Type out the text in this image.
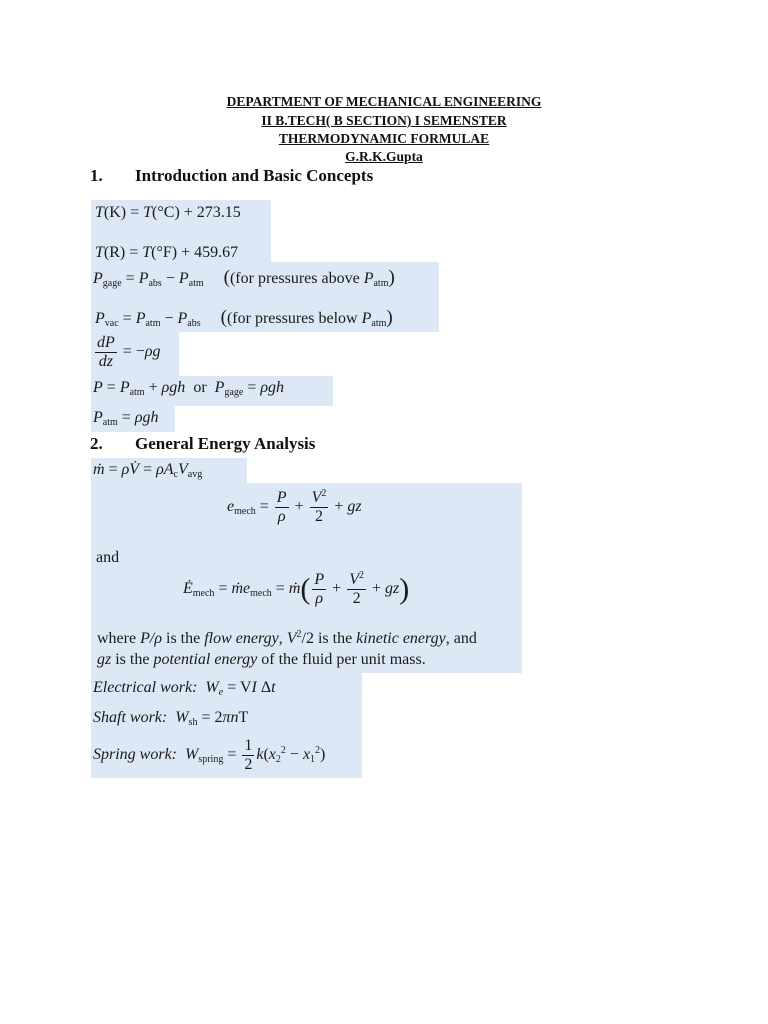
DEPARTMENT OF MECHANICAL ENGINEERING
II B.TECH( B SECTION) I SEMENSTER
THERMODYNAMIC FORMULAE
G.R.K.Gupta
1. Introduction and Basic Concepts
T(K) = T(°C) + 273.15
T(R) = T(°F) + 459.67
$P_{gage} = P_{abs} - P_{atm}$ ((for pressures above $P_{atm}$)
$P_{vac} = P_{atm} - P_{abs}$ ((for pressures below $P_{atm}$)
$\frac{dP}{dz} = -\rho g$
$P = P_{atm} + \rho gh$ or $P_{gage} = \rho gh$
$P_{atm} = \rho gh$
2. General Energy Analysis
ṁ = ρV̇ = $\rho A_cV_{avg}$
$e_{mech} = \frac{P}{\rho} + \frac{V^2}{2}$ + gz
and
$Ė_{mech}$ = ṁe$_{mech}$ = ṁ( $\frac{P}{\rho} + \frac{V^2}{2} + gz$)
where P/ρ is the flow energy, $V^2/2$ is the kinetic energy, and
gz is the potential energy of the fluid per unit mass.
Electrical work: $W_e$ = VI Δt
Shaft work: $W_{sh} = 2\pi nT$
Spring work: $W_{spring} = \frac{1}{2} k(x_2^2 - x_1^2)$
